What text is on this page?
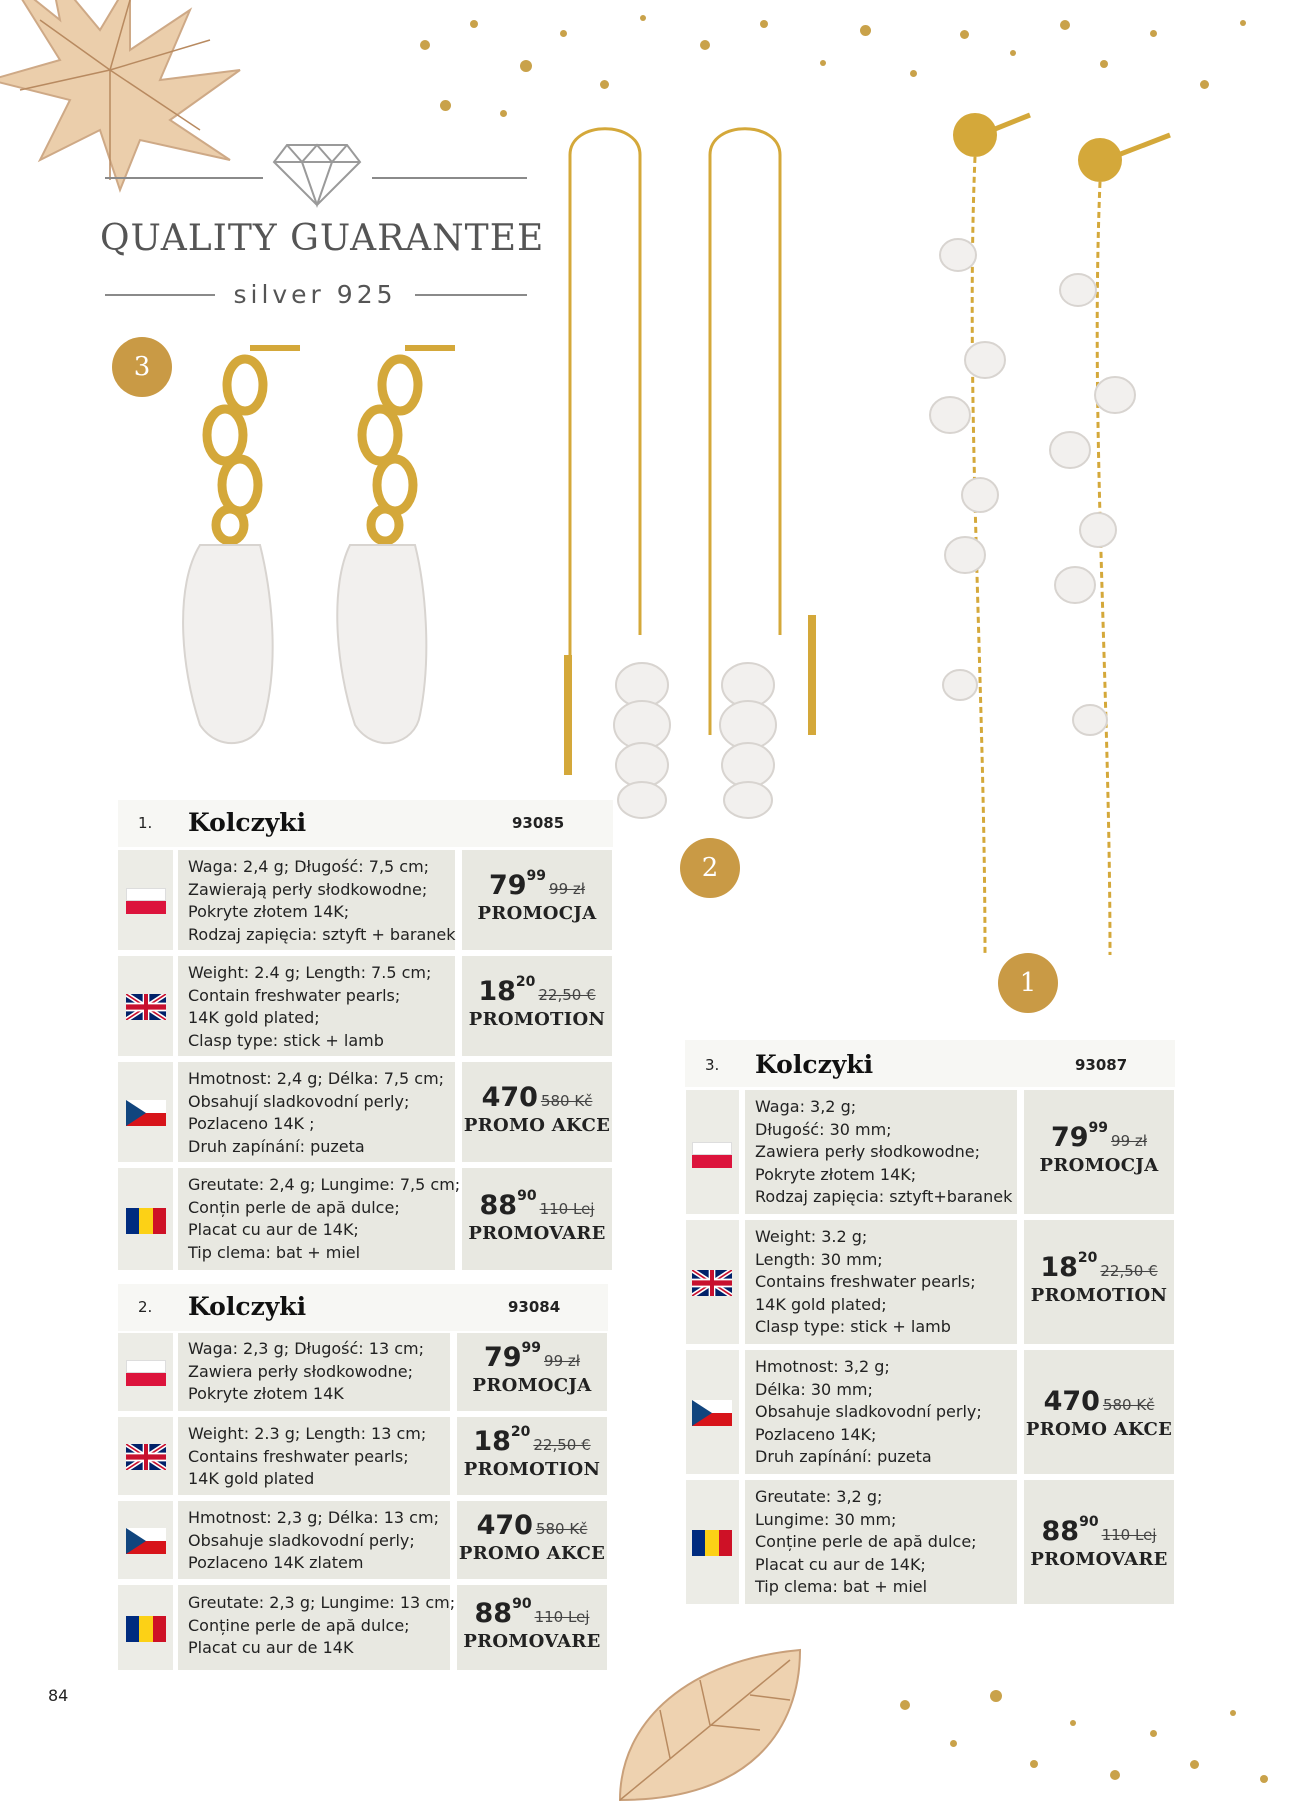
QUALITY GUARANTEE
silver 925
3
2
1
1. Kolczyki	93085
Waga: 2,4 g; Długość: 7,5 cm;
Zawierają perły słodkowodne;
Pokryte złotem 14K;
Rodzaj zapięcia: sztyft + baranek
$79^{99}99$ zł
PROMOCJA
Weight: 2.4 g; Length: 7.5 cm;
Contain freshwater pearls;
14K gold plated;
Clasp type: stick + lamb
$18^{20}22,50$ €
PROMOTION
Hmotnost: 2,4 g; Délka: 7,5 cm;
Obsahují sladkovodní perly;
Pozlaceno 14K ;
Druh zapínání: puzeta
470 580 Kč
PROMO AKCE
Greutate: 2,4 g; Lungime: 7,5 cm;
Conțin perle de apă dulce;
Placat cu aur de 14K;
Tip clema: bat + miel
$88^{90}110$ Lej
PROMOVARE
2. Kolczyki	93084
Waga: 2,3 g; Długość: 13 cm;
Zawiera perły słodkowodne;
Pokryte złotem 14K
$79^{99}99$ zł
PROMOCJA
Weight: 2.3 g; Length: 13 cm;
Contains freshwater pearls;
14K gold plated
$18^{20}22,50$ €
PROMOTION
Hmotnost: 2,3 g; Délka: 13 cm;
Obsahuje sladkovodní perly;
Pozlaceno 14K zlatem
470 580 Kč
PROMO AKCE
Greutate: 2,3 g; Lungime: 13 cm;
Conține perle de apă dulce;
Placat cu aur de 14K
$88^{90}110$ Lej
PROMOVARE
3. Kolczyki	93087
Waga: 3,2 g;
Długość: 30 mm;
Zawiera perły słodkowodne;
Pokryte złotem 14K;
Rodzaj zapięcia: sztyft+baranek
$79^{99}99$ zł
PROMOCJA
Weight: 3.2 g;
Length: 30 mm;
Contains freshwater pearls;
14K gold plated;
Clasp type: stick + lamb
$18^{20}22,50$ €
PROMOTION
Hmotnost: 3,2 g;
Délka: 30 mm;
Obsahuje sladkovodní perly;
Pozlaceno 14K;
Druh zapínání: puzeta
470 580 Kč
PROMO AKCE
Greutate: 3,2 g;
Lungime: 30 mm;
Conține perle de apă dulce;
Placat cu aur de 14K;
Tip clema: bat + miel
$88^{90}110$ Lej
PROMOVARE
84
